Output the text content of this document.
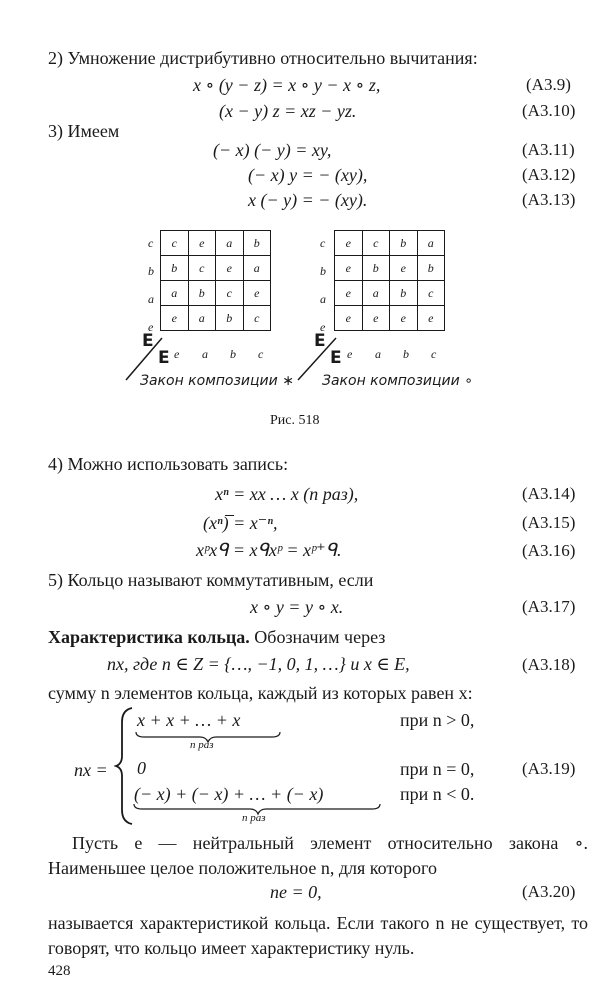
2) Умножение дистрибутивно относительно вычитания:
x ∘ (y − z) = x ∘ y − x ∘ z,	(А3.9)
(x − y) z = xz − yz.	(А3.10)
3) Имеем
(− x) (− y) = xy,	(А3.11)
(− x) y = − (xy),	(А3.12)
x (− y) = − (xy).	(А3.13)
c
b
a
e
c	e	a	b
b	c	e	a
a	b	c	e
e	a	b	c
e a b c
E
E
Закон композиции ∗
c
b
a
e
e	c	b	a
e	b	e	b
e	a	b	c
e	e	e	e
e a b c
E
E
Закон композиции ∘
Рис. 518
4) Можно использовать запись:
xⁿ = xx … x (n раз),	(А3.14)
(xⁿ)̅ = x⁻ⁿ,	(А3.15)
xᵖxᑫ = xᑫxᵖ = xᵖ⁺ᑫ.	(А3.16)
5) Кольцо называют коммутативным, если
x ∘ y = y ∘ x.	(А3.17)
Характеристика кольца. Обозначим через
nx, где n ∈ Z = {…, −1, 0, 1, …} и x ∈ E,	(А3.18)
сумму n элементов кольца, каждый из которых равен x:
nx =
x + x + … + x
n раз
при n > 0,
0	при n = 0,	(А3.19)
(− x) + (− x) + … + (− x)
n раз
при n < 0.
Пусть e — нейтральный элемент относительно закона ∘. Наименьшее целое положительное n, для которого
ne = 0,	(А3.20)
называется характеристикой кольца. Если такого n не существует, то говорят, что кольцо имеет характеристику нуль.
428
